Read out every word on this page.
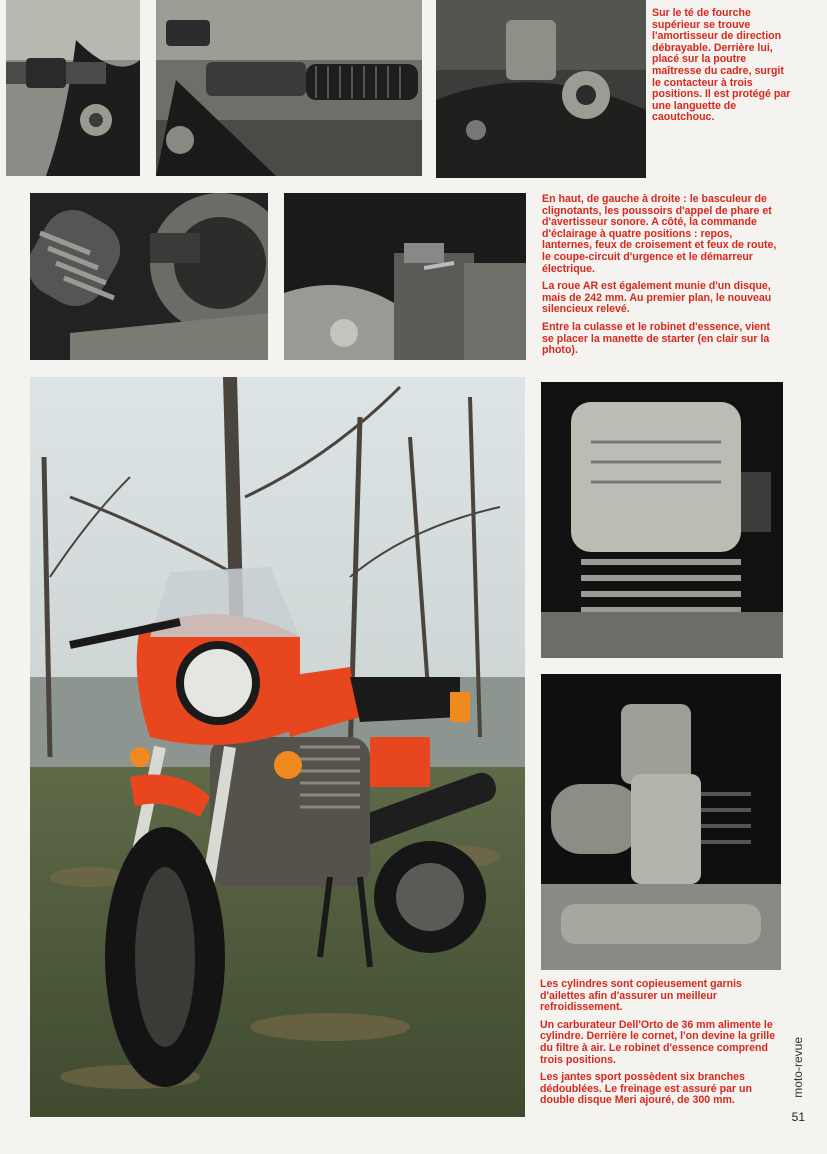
Sur le té de fourche supérieur se trouve l'amortisseur de direction débrayable. Derrière lui, placé sur la poutre maîtresse du cadre, surgit le contacteur à trois positions. Il est protégé par une languette de caoutchouc.

En haut, de gauche à droite : le basculeur de clignotants, les poussoirs d'appel de phare et d'avertisseur sonore. A côté, la commande d'éclairage à quatre positions : repos, lanternes, feux de croisement et feux de route, le coupe-circuit d'urgence et le démarreur électrique.

La roue AR est également munie d'un disque, mais de 242 mm. Au premier plan, le nouveau silencieux relevé.

Entre la culasse et le robinet d'essence, vient se placer la manette de starter (en clair sur la photo).

Les cylindres sont copieusement garnis d'ailettes afin d'assurer un meilleur refroidissement.

Un carburateur Dell'Orto de 36 mm alimente le cylindre. Derrière le cornet, l'on devine la grille du filtre à air. Le robinet d'essence comprend trois positions.

Les jantes sport possèdent six branches dédoublées. Le freinage est assuré par un double disque Meri ajouré, de 300 mm.

moto-revue
51
